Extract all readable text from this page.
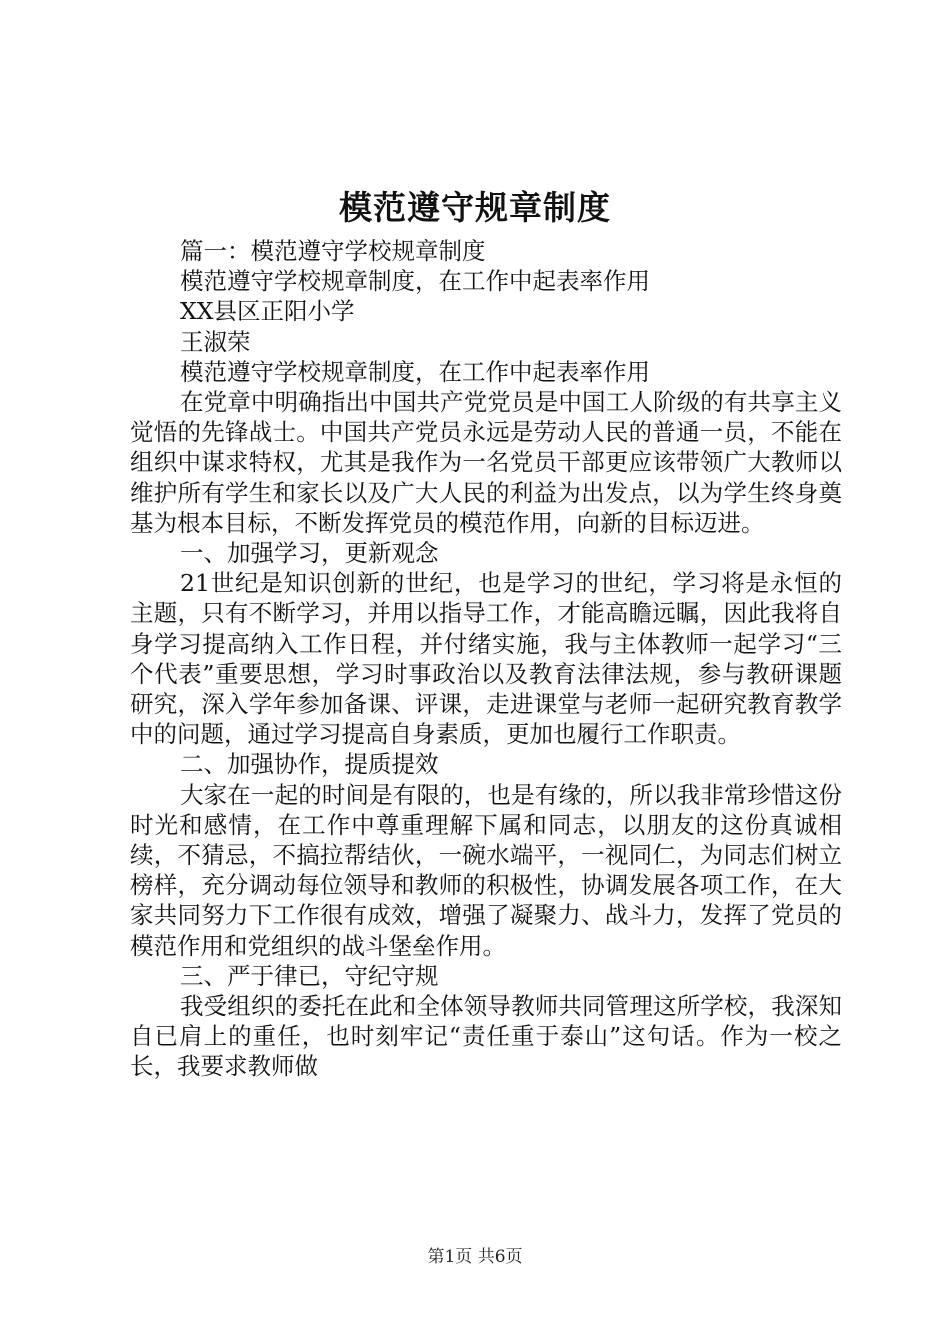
模范遵守规章制度
篇一：模范遵守学校规章制度
模范遵守学校规章制度，在工作中起表率作用
XX县区正阳小学
王淑荣
模范遵守学校规章制度，在工作中起表率作用
在党章中明确指出中国共产党党员是中国工人阶级的有共享主义觉悟的先锋战士。中国共产党员永远是劳动人民的普通一员，不能在组织中谋求特权，尤其是我作为一名党员干部更应该带领广大教师以维护所有学生和家长以及广大人民的利益为出发点，以为学生终身奠基为根本目标，不断发挥党员的模范作用，向新的目标迈进。
一、加强学习，更新观念
21世纪是知识创新的世纪，也是学习的世纪，学习将是永恒的主题，只有不断学习，并用以指导工作，才能高瞻远瞩，因此我将自身学习提高纳入工作日程，并付绪实施，我与主体教师一起学习“三个代表”重要思想，学习时事政治以及教育法律法规，参与教研课题研究，深入学年参加备课、评课，走进课堂与老师一起研究教育教学中的问题，通过学习提高自身素质，更加也履行工作职责。
二、加强协作，提质提效
大家在一起的时间是有限的，也是有缘的，所以我非常珍惜这份时光和感情，在工作中尊重理解下属和同志，以朋友的这份真诚相续，不猜忌，不搞拉帮结伙，一碗水端平，一视同仁，为同志们树立榜样，充分调动每位领导和教师的积极性，协调发展各项工作，在大家共同努力下工作很有成效，增强了凝聚力、战斗力，发挥了党员的模范作用和党组织的战斗堡垒作用。
三、严于律已，守纪守规
我受组织的委托在此和全体领导教师共同管理这所学校，我深知自已肩上的重任，也时刻牢记“责任重于泰山”这句话。作为一校之长，我要求教师做
第1页 共6页
